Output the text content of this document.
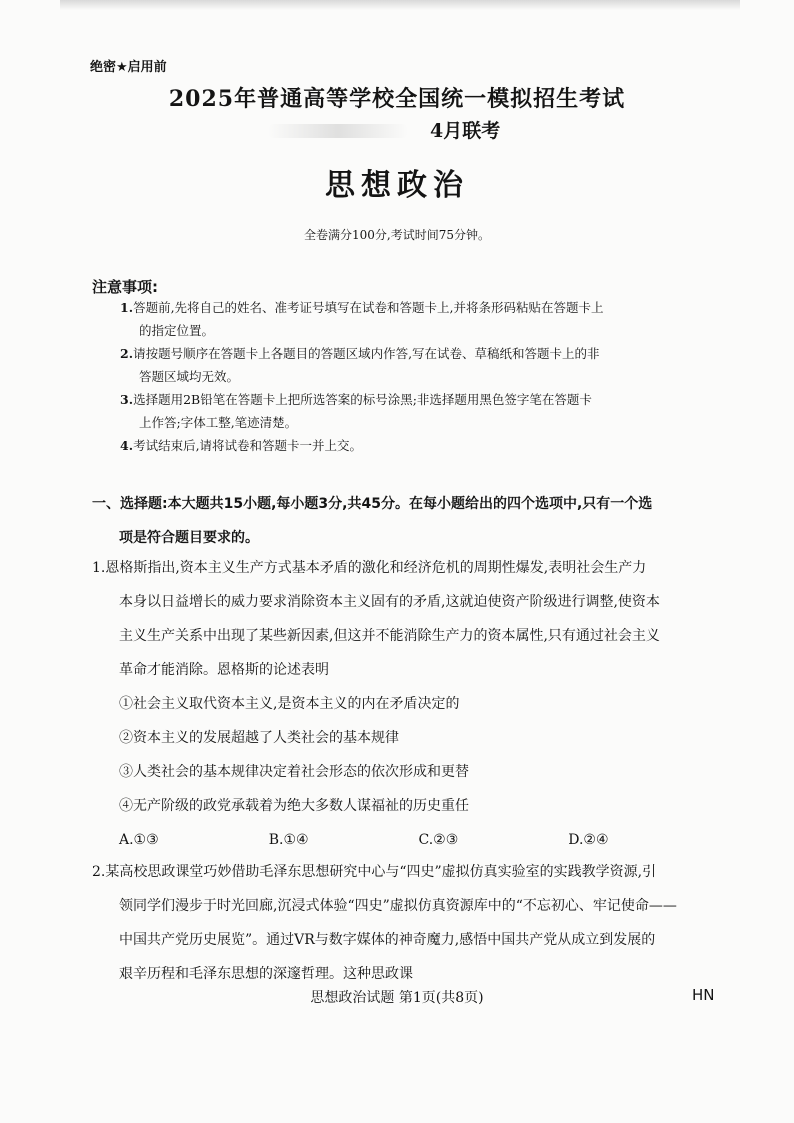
绝密★启用前
2025年普通高等学校全国统一模拟招生考试
4月联考
思想政治
全卷满分100分,考试时间75分钟。
注意事项:
1.答题前,先将自己的姓名、准考证号填写在试卷和答题卡上,并将条形码粘贴在答题卡上
的指定位置。
2.请按题号顺序在答题卡上各题目的答题区域内作答,写在试卷、草稿纸和答题卡上的非
答题区域均无效。
3.选择题用2B铅笔在答题卡上把所选答案的标号涂黑;非选择题用黑色签字笔在答题卡
上作答;字体工整,笔迹清楚。
4.考试结束后,请将试卷和答题卡一并上交。
一、选择题:本大题共15小题,每小题3分,共45分。在每小题给出的四个选项中,只有一个选
项是符合题目要求的。
1.恩格斯指出,资本主义生产方式基本矛盾的激化和经济危机的周期性爆发,表明社会生产力
本身以日益增长的威力要求消除资本主义固有的矛盾,这就迫使资产阶级进行调整,使资本
主义生产关系中出现了某些新因素,但这并不能消除生产力的资本属性,只有通过社会主义
革命才能消除。恩格斯的论述表明
①社会主义取代资本主义,是资本主义的内在矛盾决定的
②资本主义的发展超越了人类社会的基本规律
③人类社会的基本规律决定着社会形态的依次形成和更替
④无产阶级的政党承载着为绝大多数人谋福祉的历史重任
A.①③	B.①④	C.②③	D.②④
2.某高校思政课堂巧妙借助毛泽东思想研究中心与“四史”虚拟仿真实验室的实践教学资源,引
领同学们漫步于时光回廊,沉浸式体验“四史”虚拟仿真资源库中的“不忘初心、牢记使命——
中国共产党历史展览”。通过VR与数字媒体的神奇魔力,感悟中国共产党从成立到发展的
艰辛历程和毛泽东思想的深邃哲理。这种思政课
思想政治试题 第1页(共8页)	HN
